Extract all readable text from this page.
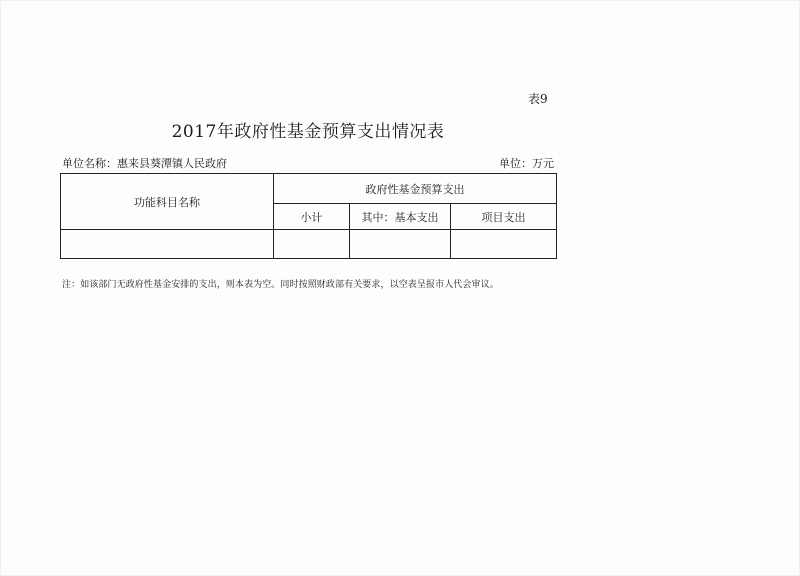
表9
2017年政府性基金预算支出情况表
单位名称：惠来县葵潭镇人民政府	单位：万元
功能科目名称	政府性基金预算支出		
	小计	其中：基本支出	项目支出

注：如该部门无政府性基金安排的支出，则本表为空。同时按照财政部有关要求，以空表呈报市人代会审议。
